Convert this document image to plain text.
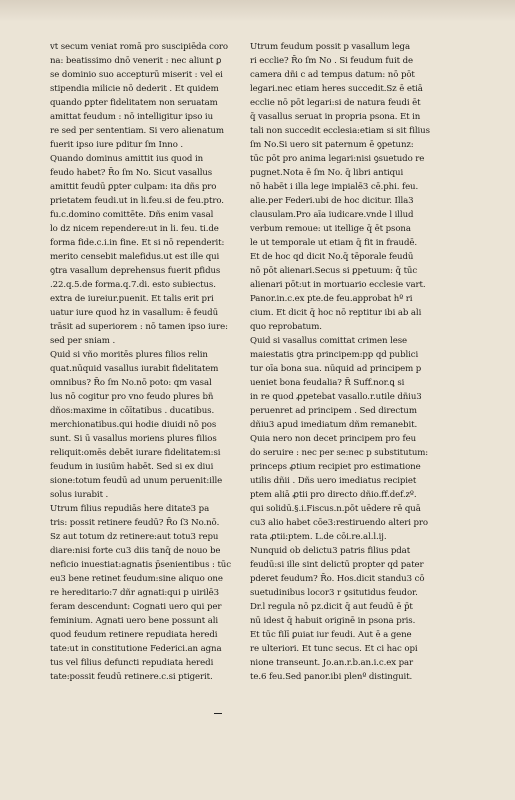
vt secum veniat romā pro suscipiēda coro
na: beatissimo dnō venerit : nec aliunt ꝑ
se dominio suo accepturū miserit : vel ei
stipendia milicie nō dederit . Et quidem
quando ꝑpter fidelitatem non seruatam
amittat feudum : nō intelligitur ipso iu
re sed per sententiam. Si vero alienatum
fuerit ipso iure pditur ſm Inno .
Quando dominus amittit ius quod in
feudo habet? R̄o ſm No. Sicut vasallus
amittit feudū ꝑpter culpam: ita dñs pro
prietatem feudi.ut in li.feu.si de feu.ptro.
fu.c.domino comittēte. Dñs enim vasal
lo dz nicem rependere:ut in li. feu. ti.de
forma fide.c.i.in fine. Et si nō rependerit:
merito censebit malefidus.ut est ille qui
ꝯtra vasallum deprehensus fuerit pfidus
.22.q.5.de forma.q.7.di. esto subiectus.
extra de iureiur.puenit. Et talis erit pri
uatur iure quod hz in vasallum: ē feudū
trāsit ad superiorem : nō tamen ipso iure:
sed per sniam .
Quid si vño moritēs plures filios relin
quat.nūquid vasallus iurabit fidelitatem
omnibus? R̄o ſm No.nō poto: qm vasal
lus nō cogitur pro vno feudo plures bñ
dños:maxime in cōītatibus . ducatibus.
merchionatibus.qui hodie diuidi nō pos
sunt. Si ū vasallus moriens plures filios
reliquit:omēs debēt iurare fidelitatem:si
feudum in iusiūm habēt. Sed si ex diui
sione:totum feudū ad unum peruenit:ille
solus iurabit .
Utrum filius repudiās here ditate3 pa
tris: possit retinere feudū? R̄o ſ3 No.nō.
Sz aut totum dz retinere:aut totu3 repu
diare:nisi forte cu3 diis tanq̄ de nouo be
neficio inuestiat:agnatis p̄senientibus : tūc
eu3 bene retinet feudum:sine aliquo one
re hereditario:7 dñr agnati:qui p uirilē3
feram descendunt: Cognati uero qui per
feminium. Agnati uero bene possunt ali
quod feudum retinere repudiata heredi
tate:ut in constitutione Federici.an agna
tus vel filius defuncti repudiata heredi
tate:possit feudū retinere.c.si ptigerit.
Utrum feudum possit p vasallum lega
ri ecclie? R̄o ſm No . Si feudum fuit de
camera dñi c ad tempus datum: nō pōt
legari.nec etiam heres succedit.Sz ē etiā
ecclie nō pōt legari:si de natura feudi ēt
q̄ vasallus seruat in propria psona. Et in
tali non succedit ecclesia:etiam si sit filius
ſm No.Si uero sit paternum ē ꝯpetunz:
tūc pōt pro anima legari:nisi ꝯsuetudo re
pugnet.Nota ē ſm No. q̄ libri antiqui
nō habēt i illa lege impialē3 cē.phi. feu.
alie.per Federi.ubi de hoc dicitur. Illa3
clausulam.Pro aīa iudicare.vnde l illud
verbum remoue: ut itellige q̄ ēt psona
le ut temporale ut etiam q̄ fit in fraudē.
Et de hoc qd dicit No.q̄ tēporale feudū
nō pōt alienari.Secus si ꝑpetuum: q̄ tūc
alienari pōt:ut in mortuario ecclesie vart.
Panor.in.c.ex pte.de feu.approbat hº ri
cium. Et dicit q̄ hoc nō reptitur ibi ab ali
quo reprobatum.
Quid si vasallus comittat crimen lese
maiestatis ꝯtra principem:pp qd publici
tur oīa bona sua. nūquid ad principem p
ueniet bona feudalia? R̄ Suff.nor.ꝗ si
in re quod ꝓpetebat vasallo.r.utile dñiu3
peruenret ad principem . Sed directum
dñiu3 apud imediatum dñm remanebit.
Quia nero non decet principem pro feu
do seruire : nec per se:nec p substitutum:
princeps ꝓtium recipiet pro estimatione
utilis dñii . Dñs uero imediatus recipiet
ptem aliā ꝓtii pro directo dñio.ff.def.zº.
qui solidū.§.i.Fiscus.n.pōt uēdere rē quā
cu3 alio habet cōe3:restiruendo alteri pro
rata ꝓtii:ptem. L.de cōi.re.al.l.ij.
Nunquid ob delictu3 patris filius pdat
feudū:si ille sint delictū propter qd pater
pderet feudum? R̄o. Hos.dicit standu3 cō
suetudinibus locor3 r ꝯsitutidus feudor.
Dr.l regula nō pz.dicit q̄ aut feudū ē p̄t
nū idest q̄ habuit originē in psona pris.
Et tūc filī ꝑuiat iur feudi. Aut ē a gene
re ulteriori. Et tunc secus. Et ci hac opi
nione transeunt. Jo.an.r.b.an.i.c.ex par
te.6 feu.Sed panor.ibi plenº distinguit.
